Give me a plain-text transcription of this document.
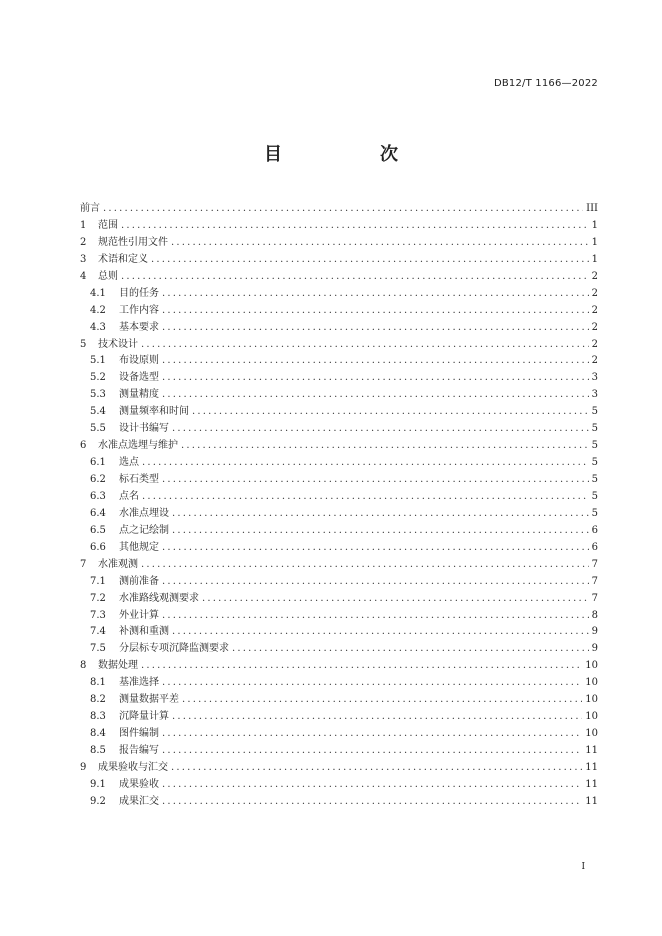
DB12/T 1166—2022
目　次
前言 .....	III
1	范围 .....	1
2	规范性引用文件 .....	1
3	术语和定义 .....	1
4	总则 .....	2
4.1	目的任务 .....	2
4.2	工作内容 .....	2
4.3	基本要求 .....	2
5	技术设计 .....	2
5.1	布设原则 .....	2
5.2	设备选型 .....	3
5.3	测量精度 .....	3
5.4	测量频率和时间 .....	5
5.5	设计书编写 .....	5
6	水准点选埋与维护 .....	5
6.1	选点 .....	5
6.2	标石类型 .....	5
6.3	点名 .....	5
6.4	水准点埋设 .....	5
6.5	点之记绘制 .....	6
6.6	其他规定 .....	6
7	水准观测 .....	7
7.1	测前准备 .....	7
7.2	水准路线观测要求 .....	7
7.3	外业计算 .....	8
7.4	补测和重测 .....	9
7.5	分层标专项沉降监测要求 .....	9
8	数据处理 .....	10
8.1	基准选择 .....	10
8.2	测量数据平差 .....	10
8.3	沉降量计算 .....	10
8.4	图件编制 .....	10
8.5	报告编写 .....	11
9	成果验收与汇交 .....	11
9.1	成果验收 .....	11
9.2	成果汇交 .....	11
I
